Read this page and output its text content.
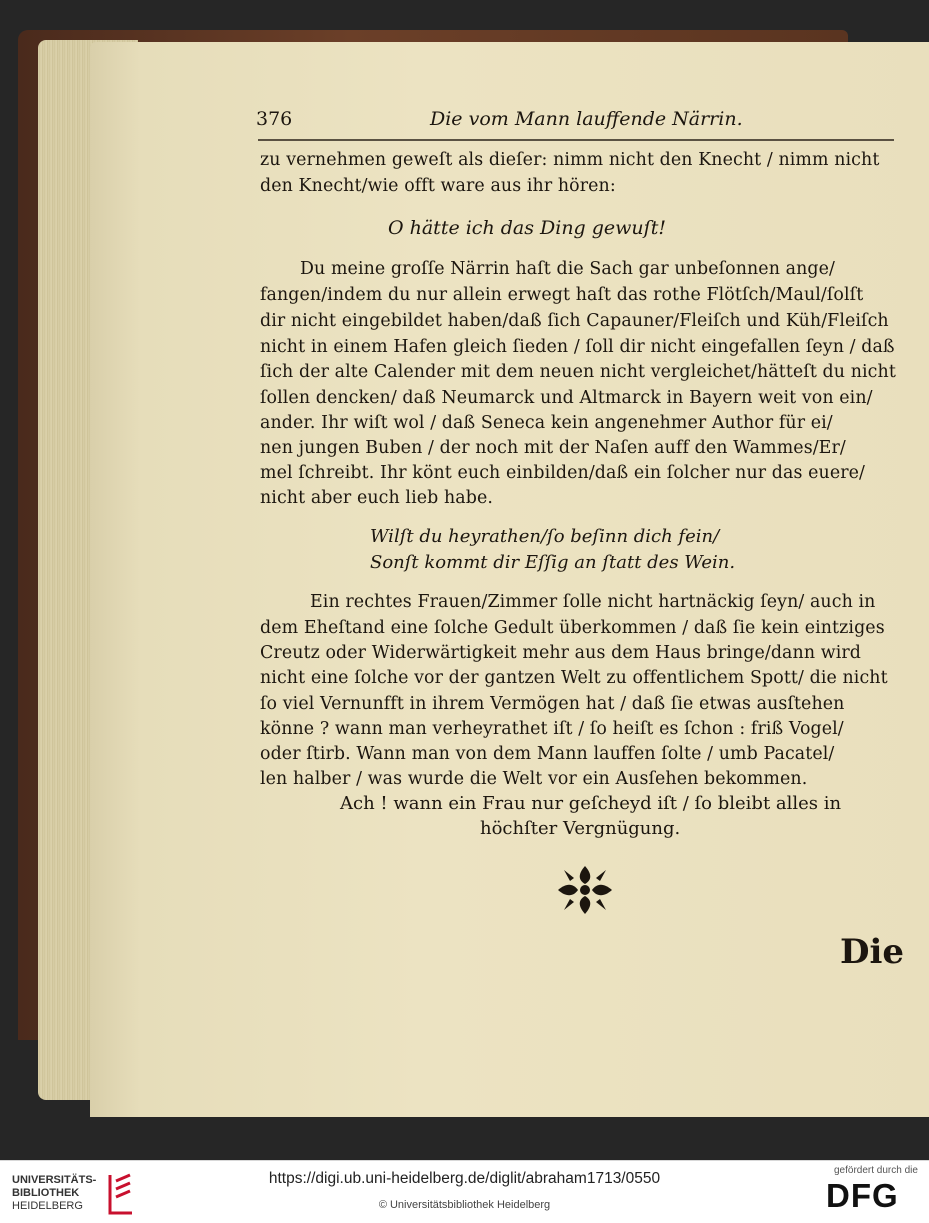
376	Die vom Mann lauffende Närrin.
zu vernehmen geweſt als dieſer: nimm nicht den Knecht / nimm nicht
den Knecht/wie offt ware aus ihr hören:
O hätte ich das Ding gewuſt!
Du meine groſſe Närrin haſt die Sach gar unbeſonnen ange/
fangen/indem du nur allein erwegt haſt das rothe Flötſch/Maul/ſolſt
dir nicht eingebildet haben/daß ſich Capauner/Fleiſch und Küh/Fleiſch
nicht in einem Hafen gleich ſieden / ſoll dir nicht eingefallen ſeyn / daß
ſich der alte Calender mit dem neuen nicht vergleichet/hätteſt du nicht
ſollen dencken/ daß Neumarck und Altmarck in Bayern weit von ein/
ander. Ihr wiſt wol / daß Seneca kein angenehmer Author für ei/
nen jungen Buben / der noch mit der Naſen auff den Wammes/Er/
mel ſchreibt. Ihr könt euch einbilden/daß ein ſolcher nur das euere/
nicht aber euch lieb habe.
Wilſt du heyrathen/ſo beſinn dich fein/
Sonſt kommt dir Eſſig an ſtatt des Wein.
Ein rechtes Frauen/Zimmer ſolle nicht hartnäckig ſeyn/ auch in
dem Eheſtand eine ſolche Gedult überkommen / daß ſie kein eintziges
Creutz oder Widerwärtigkeit mehr aus dem Haus bringe/dann wird
nicht eine ſolche vor der gantzen Welt zu offentlichem Spott/ die nicht
ſo viel Vernunfft in ihrem Vermögen hat / daß ſie etwas ausſtehen
könne ? wann man verheyrathet iſt / ſo heiſt es ſchon : friß Vogel/
oder ſtirb. Wann man von dem Mann lauffen ſolte / umb Pacatel/
len halber / was wurde die Welt vor ein Ausſehen bekommen.
Ach ! wann ein Frau nur geſcheyd iſt / ſo bleibt alles in
höchſter Vergnügung.
Die
UNIVERSITÄTS-
BIBLIOTHEK
HEIDELBERG
https://digi.ub.uni-heidelberg.de/diglit/abraham1713/0550
© Universitätsbibliothek Heidelberg
gefördert durch die
DFG
